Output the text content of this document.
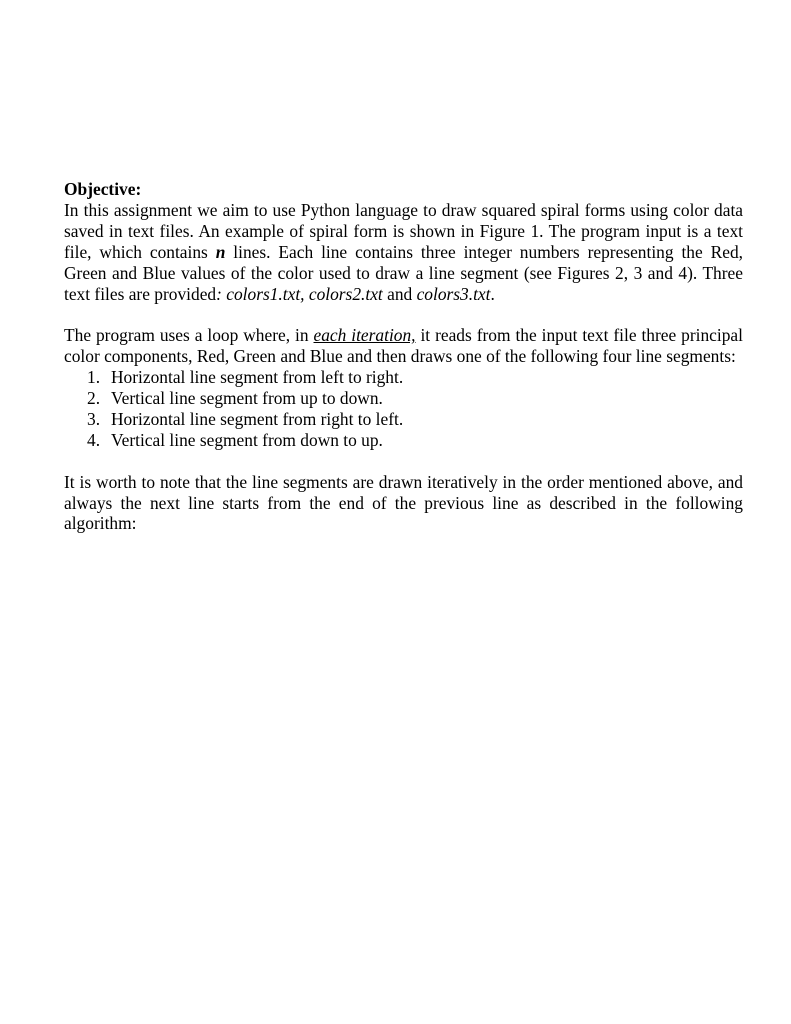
Objective:

In this assignment we aim to use Python language to draw squared spiral forms using color data saved in text files. An example of spiral form is shown in Figure 1. The program input is a text file, which contains n lines. Each line contains three integer numbers representing the Red, Green and Blue values of the color used to draw a line segment (see Figures 2, 3 and 4). Three text files are provided: colors1.txt, colors2.txt and colors3.txt.

The program uses a loop where, in each iteration, it reads from the input text file three principal color components, Red, Green and Blue and then draws one of the following four line segments:

1. Horizontal line segment from left to right.
2. Vertical line segment from up to down.
3. Horizontal line segment from right to left.
4. Vertical line segment from down to up.

It is worth to note that the line segments are drawn iteratively in the order mentioned above, and always the next line starts from the end of the previous line as described in the following algorithm:
